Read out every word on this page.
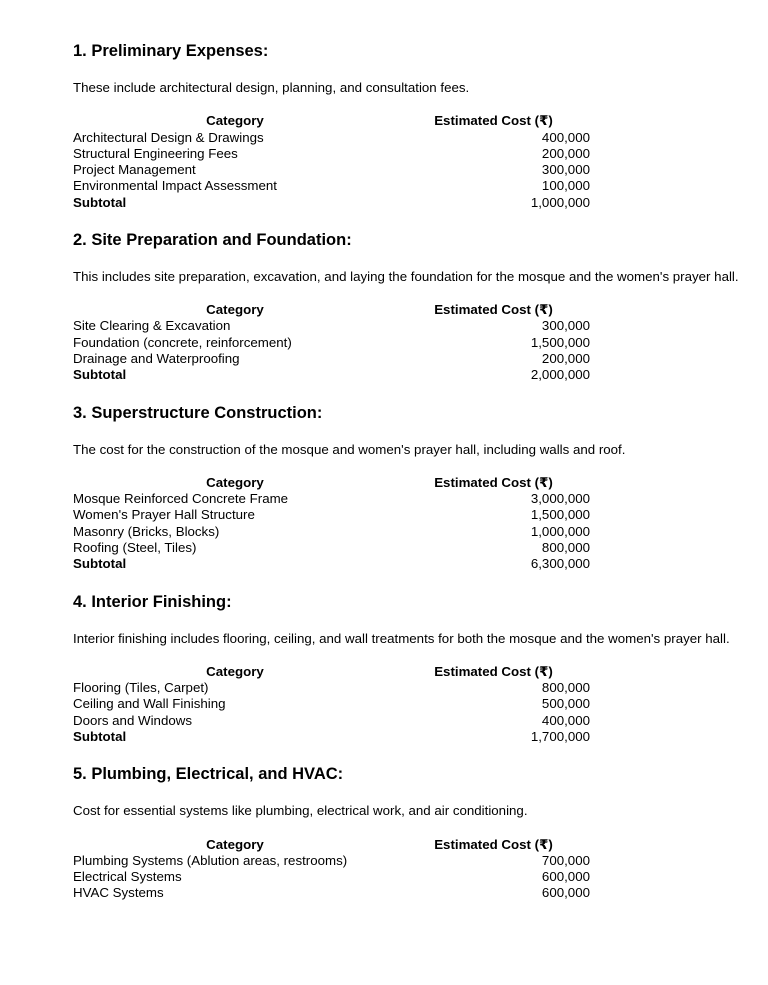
1. Preliminary Expenses:

These include architectural design, planning, and consultation fees.

Category	Estimated Cost (₹)
Architectural Design & Drawings	400,000
Structural Engineering Fees	200,000
Project Management	300,000
Environmental Impact Assessment	100,000
Subtotal	1,000,000
2. Site Preparation and Foundation:

This includes site preparation, excavation, and laying the foundation for the mosque and the women's prayer hall.

Category	Estimated Cost (₹)
Site Clearing & Excavation	300,000
Foundation (concrete, reinforcement)	1,500,000
Drainage and Waterproofing	200,000
Subtotal	2,000,000
3. Superstructure Construction:

The cost for the construction of the mosque and women's prayer hall, including walls and roof.

Category	Estimated Cost (₹)
Mosque Reinforced Concrete Frame	3,000,000
Women's Prayer Hall Structure	1,500,000
Masonry (Bricks, Blocks)	1,000,000
Roofing (Steel, Tiles)	800,000
Subtotal	6,300,000
4. Interior Finishing:

Interior finishing includes flooring, ceiling, and wall treatments for both the mosque and the women's prayer hall.

Category	Estimated Cost (₹)
Flooring (Tiles, Carpet)	800,000
Ceiling and Wall Finishing	500,000
Doors and Windows	400,000
Subtotal	1,700,000
5. Plumbing, Electrical, and HVAC:

Cost for essential systems like plumbing, electrical work, and air conditioning.

Category	Estimated Cost (₹)
Plumbing Systems (Ablution areas, restrooms)	700,000
Electrical Systems	600,000
HVAC Systems	600,000
